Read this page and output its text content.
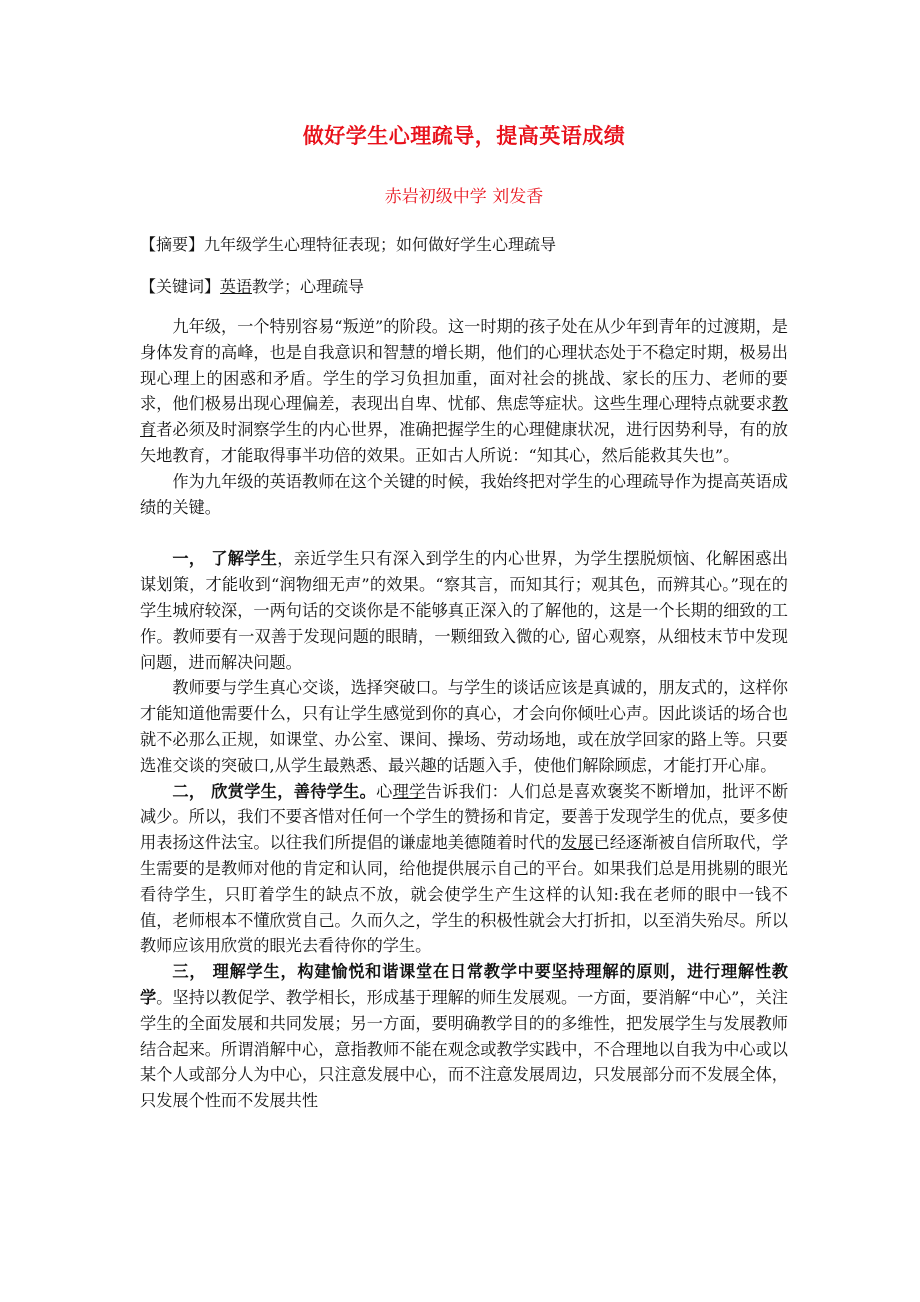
做好学生心理疏导，提高英语成绩

赤岩初级中学 刘发香

【摘要】九年级学生心理特征表现；如何做好学生心理疏导

【关键词】英语教学；心理疏导

九年级，一个特别容易“叛逆”的阶段。这一时期的孩子处在从少年到青年的过渡期，是身体发育的高峰，也是自我意识和智慧的增长期，他们的心理状态处于不稳定时期，极易出现心理上的困惑和矛盾。学生的学习负担加重，面对社会的挑战、家长的压力、老师的要求，他们极易出现心理偏差，表现出自卑、忧郁、焦虑等症状。这些生理心理特点就要求教育者必须及时洞察学生的内心世界，准确把握学生的心理健康状况，进行因势利导，有的放矢地教育，才能取得事半功倍的效果。正如古人所说：“知其心，然后能救其失也”。

作为九年级的英语教师在这个关键的时候，我始终把对学生的心理疏导作为提高英语成绩的关键。

一， 了解学生，亲近学生只有深入到学生的内心世界，为学生摆脱烦恼、化解困惑出谋划策，才能收到“润物细无声”的效果。“察其言，而知其行；观其色，而辨其心。”现在的学生城府较深，一两句话的交谈你是不能够真正深入的了解他的，这是一个长期的细致的工作。教师要有一双善于发现问题的眼睛，一颗细致入微的心, 留心观察，从细枝末节中发现问题，进而解决问题。

教师要与学生真心交谈，选择突破口。与学生的谈话应该是真诚的，朋友式的，这样你才能知道他需要什么，只有让学生感觉到你的真心，才会向你倾吐心声。因此谈话的场合也就不必那么正规，如课堂、办公室、课间、操场、劳动场地，或在放学回家的路上等。只要选准交谈的突破口,从学生最熟悉、最兴趣的话题入手，使他们解除顾虑，才能打开心扉。

二， 欣赏学生，善待学生。心理学告诉我们：人们总是喜欢褒奖不断增加，批评不断减少。所以，我们不要吝惜对任何一个学生的赞扬和肯定，要善于发现学生的优点，要多使用表扬这件法宝。以往我们所提倡的谦虚地美德随着时代的发展已经逐渐被自信所取代，学生需要的是教师对他的肯定和认同，给他提供展示自己的平台。如果我们总是用挑剔的眼光看待学生，只盯着学生的缺点不放，就会使学生产生这样的认知:我在老师的眼中一钱不值，老师根本不懂欣赏自己。久而久之，学生的积极性就会大打折扣，以至消失殆尽。所以教师应该用欣赏的眼光去看待你的学生。

三， 理解学生，构建愉悦和谐课堂在日常教学中要坚持理解的原则，进行理解性教学。坚持以教促学、教学相长，形成基于理解的师生发展观。一方面，要消解“中心”，关注学生的全面发展和共同发展；另一方面，要明确教学目的的多维性，把发展学生与发展教师结合起来。所谓消解中心，意指教师不能在观念或教学实践中，不合理地以自我为中心或以某个人或部分人为中心，只注意发展中心，而不注意发展周边，只发展部分而不发展全体，只发展个性而不发展共性
